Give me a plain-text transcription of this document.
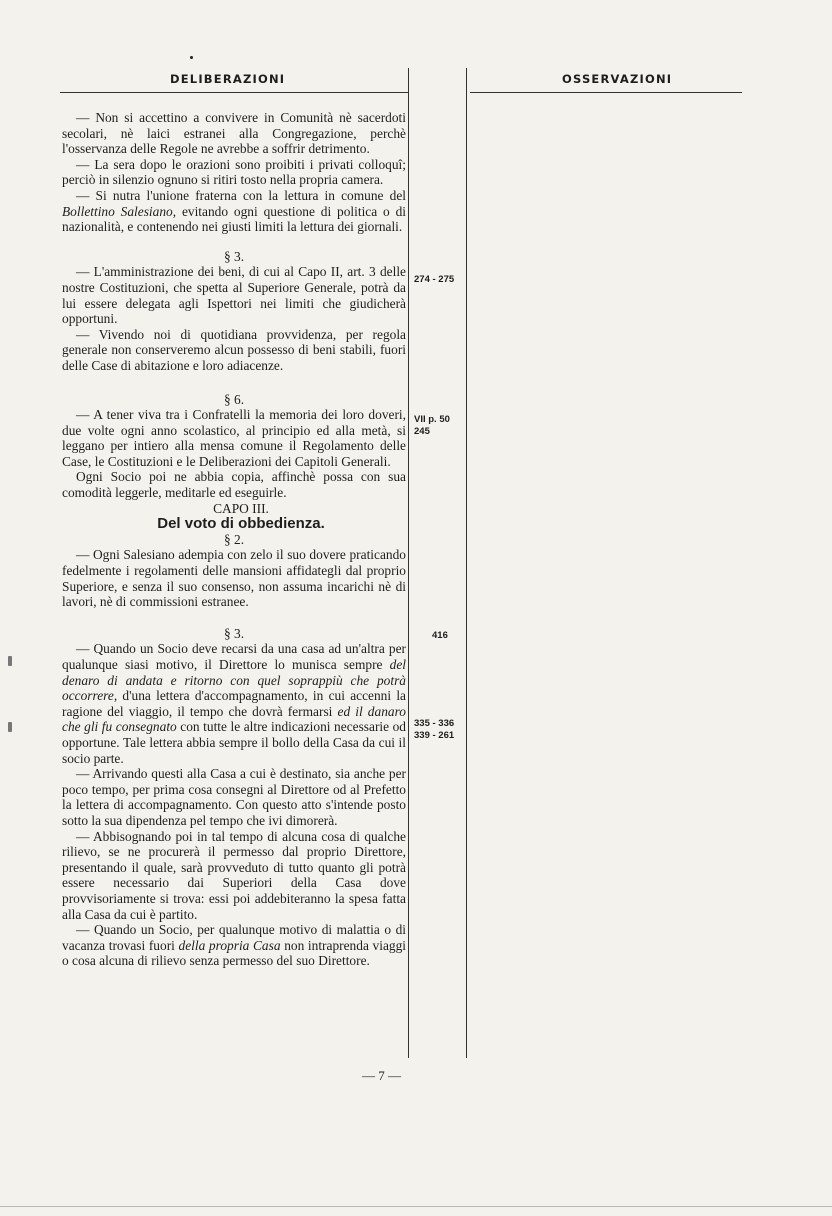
DELIBERAZIONI	OSSERVAZIONI

— Non si accettino a convivere in Comunità nè sacerdoti secolari, nè laici estranei alla Congregazione, perchè l'osservanza delle Regole ne avrebbe a soffrir detrimento.

— La sera dopo le orazioni sono proibiti i privati colloquî; perciò in silenzio ognuno si ritiri tosto nella propria camera.

— Si nutra l'unione fraterna con la lettura in comune del Bollettino Salesiano, evitando ogni questione di politica o di nazionalità, e contenendo nei giusti limiti la lettura dei giornali.

§ 3.

— L'amministrazione dei beni, di cui al Capo II, art. 3 delle nostre Costituzioni, che spetta al Superiore Generale, potrà da lui essere delegata agli Ispettori nei limiti che giudicherà opportuni.

— Vivendo noi di quotidiana provvidenza, per regola generale non conserveremo alcun possesso di beni stabili, fuori delle Case di abitazione e loro adiacenze.

§ 6.

— A tener viva tra i Confratelli la memoria dei loro doveri, due volte ogni anno scolastico, al principio ed alla metà, si leggano per intiero alla mensa comune il Regolamento delle Case, le Costituzioni e le Deliberazioni dei Capitoli Generali.

Ogni Socio poi ne abbia copia, affinchè possa con sua comodità leggerle, meditarle ed eseguirle.

CAPO III.

Del voto di obbedienza.

§ 2.

— Ogni Salesiano adempia con zelo il suo dovere praticando fedelmente i regolamenti delle mansioni affidategli dal proprio Superiore, e senza il suo consenso, non assuma incarichi nè di lavori, nè di commissioni estranee.

§ 3.

— Quando un Socio deve recarsi da una casa ad un'altra per qualunque siasi motivo, il Direttore lo munisca sempre del denaro di andata e ritorno con quel soprappiù che potrà occorrere, d'una lettera d'accompagnamento, in cui accenni la ragione del viaggio, il tempo che dovrà fermarsi ed il danaro che gli fu consegnato con tutte le altre indicazioni necessarie od opportune. Tale lettera abbia sempre il bollo della Casa da cui il socio parte.

— Arrivando questi alla Casa a cui è destinato, sia anche per poco tempo, per prima cosa consegni al Direttore od al Prefetto la lettera di accompagnamento. Con questo atto s'intende posto sotto la sua dipendenza pel tempo che ivi dimorerà.

— Abbisognando poi in tal tempo di alcuna cosa di qualche rilievo, se ne procurerà il permesso dal proprio Direttore, presentando il quale, sarà provveduto di tutto quanto gli potrà essere necessario dai Superiori della Casa dove provvisoriamente si trova: essi poi addebiteranno la spesa fatta alla Casa da cui è partito.

— Quando un Socio, per qualunque motivo di malattia o di vacanza trovasi fuori della propria Casa non intraprenda viaggi o cosa alcuna di rilievo senza permesso del suo Direttore.

274 - 275
VII p. 50
245
416
335 - 336
339 - 261
— 7 —
